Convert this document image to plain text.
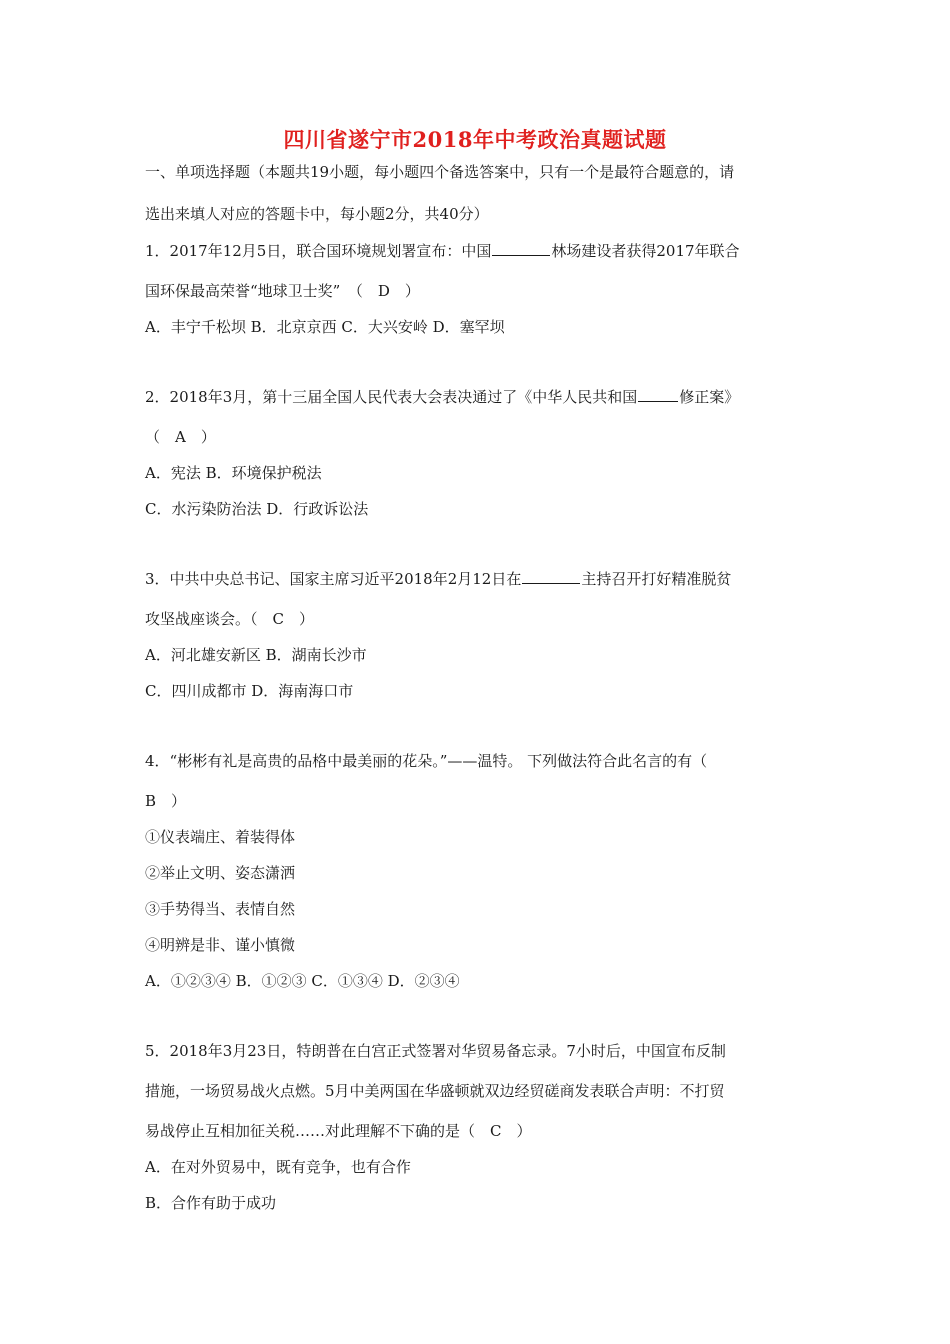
四川省遂宁市2018年中考政治真题试题
一、单项选择题（本题共19小题，每小题四个备选答案中，只有一个是最符合题意的，请
选出来填人对应的答题卡中，每小题2分，共40分）
1．2017年12月5日，联合国环境规划署宣布：中国	林场建设者获得2017年联合
国环保最高荣誉“地球卫士奖”　（　D　）
A．丰宁千松坝 B．北京京西 C．大兴安岭 D．塞罕坝
2．2018年3月，第十三届全国人民代表大会表决通过了《中华人民共和国	修正案》
（　A　）
A．宪法 B．环境保护税法
C．水污染防治法 D．行政诉讼法
3．中共中央总书记、国家主席习近平2018年2月12日在	主持召开打好精准脱贫
攻坚战座谈会。（　C　）
A．河北雄安新区 B．湖南长沙市
C．四川成都市 D．海南海口市
4．“彬彬有礼是高贵的品格中最美丽的花朵。”——温特。 下列做法符合此名言的有（
B　）
①仪表端庄、着装得体
②举止文明、姿态潇洒
③手势得当、表情自然
④明辨是非、谨小慎微
A．①②③④ B．①②③ C．①③④ D．②③④
5．2018年3月23日，特朗普在白宫正式签署对华贸易备忘录。7小时后，中国宣布反制
措施，一场贸易战火点燃。5月中美两国在华盛顿就双边经贸磋商发表联合声明：不打贸
易战停止互相加征关税……对此理解不下确的是（　C　）
A．在对外贸易中，既有竞争，也有合作
B．合作有助于成功
